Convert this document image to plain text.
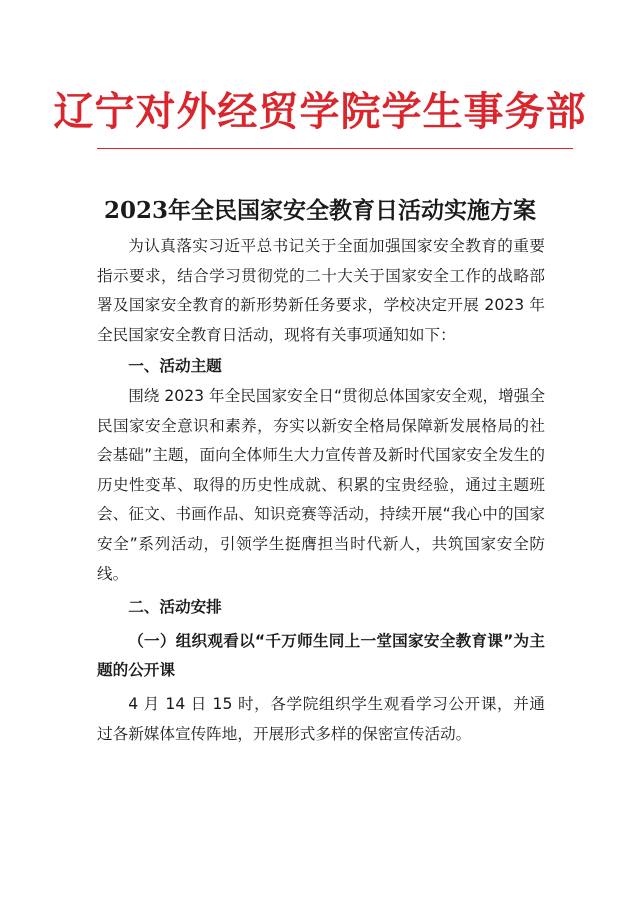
辽宁对外经贸学院学生事务部
2023年全民国家安全教育日活动实施方案

为认真落实习近平总书记关于全面加强国家安全教育的重要指示要求，结合学习贯彻党的二十大关于国家安全工作的战略部署及国家安全教育的新形势新任务要求，学校决定开展 2023 年全民国家安全教育日活动，现将有关事项通知如下：

一、活动主题

围绕 2023 年全民国家安全日“贯彻总体国家安全观，增强全民国家安全意识和素养，夯实以新安全格局保障新发展格局的社会基础”主题，面向全体师生大力宣传普及新时代国家安全发生的历史性变革、取得的历史性成就、积累的宝贵经验，通过主题班会、征文、书画作品、知识竞赛等活动，持续开展“我心中的国家安全”系列活动，引领学生挺膺担当时代新人，共筑国家安全防线。

二、活动安排

（一）组织观看以“千万师生同上一堂国家安全教育课”为主题的公开课

4 月 14 日 15 时，各学院组织学生观看学习公开课，并通过各新媒体宣传阵地，开展形式多样的保密宣传活动。
